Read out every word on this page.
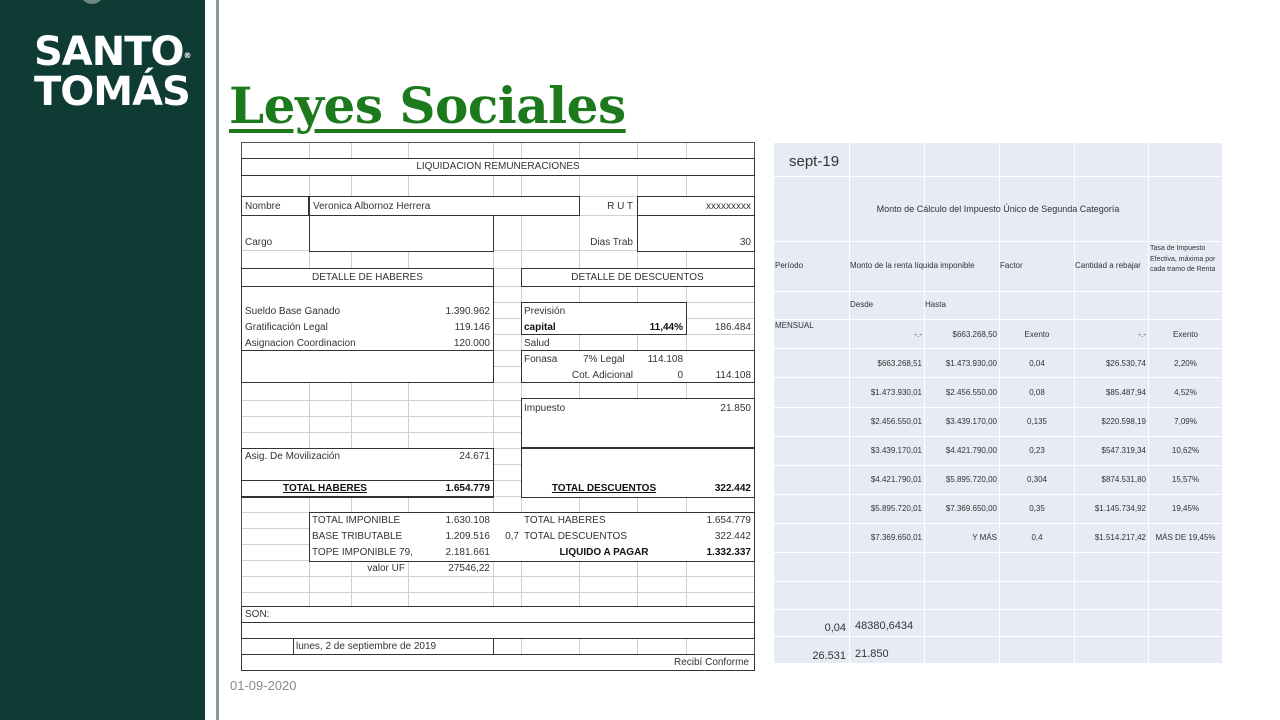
SANTO®
TOMÁS Leyes Sociales
LIQUIDACION REMUNERACIONES
Nombre	Veronica Albornoz Herrera	R U T	xxxxxxxxx
Cargo	Dias Trab	30
DETALLE DE HABERES	DETALLE DE DESCUENTOS
Sueldo Base Ganado	1.390.962
Gratificación Legal	119.146
Asignacion Coordinacion	120.000
Previsión
capital	11,44%	186.484
Salud
Fonasa	7% Legal	114.108
Cot. Adicional	0	114.108
Impuesto	21.850
Asig. De Movilización	24.671
TOTAL HABERES	1.654.779	TOTAL DESCUENTOS	322.442
TOTAL IMPONIBLE	1.630.108	TOTAL HABERES	1.654.779
BASE TRIBUTABLE	1.209.516	0,7 TOTAL DESCUENTOS	322.442
TOPE IMPONIBLE 79,	2.181.661	LIQUIDO A PAGAR	1.332.337
valor UF	27546,22
SON:
lunes, 2 de septiembre de 2019
Recibí Conforme
sept-19
Monto de Cálculo del Impuesto Único de Segunda Categoría
Período	Monto de la renta líquida imponible	Factor	Cantidad a rebajar
Tasa de Impuesto Efectiva, máxima por cada tramo de Renta
Desde	Hasta
MENSUAL
-.-	$663.268,50	Exento	-.-	Exento
$663.268,51	$1.473.930,00	0,04	$26.530,74	2,20%
$1.473.930,01	$2.456.550,00	0,08	$85.487,94	4,52%
$2.456.550,01	$3.439.170,00	0,135	$220.598,19	7,09%
$3.439.170,01	$4.421.790,00	0,23	$547.319,34	10,62%
$4.421.790,01	$5.895.720,00	0,304	$874.531,80	15,57%
$5.895.720,01	$7.369.650,00	0,35	$1.145.734,92	19,45%
$7.369.650,01	Y MÁS	0,4	$1.514.217,42	MÁS DE 19,45%
0,04 48380,6434
26.531 21.850
01-09-2020
